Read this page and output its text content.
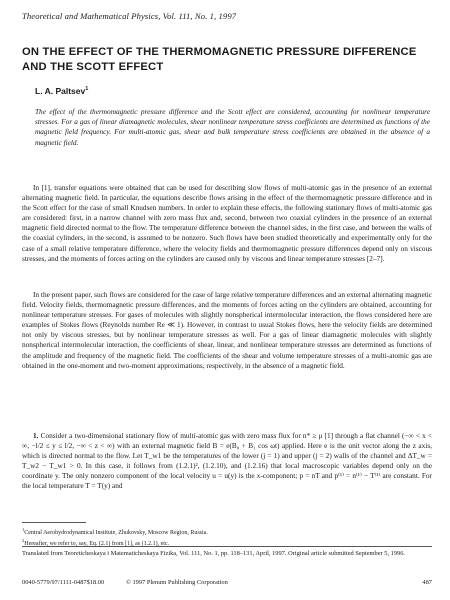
Theoretical and Mathematical Physics, Vol. 111, No. 1, 1997
ON THE EFFECT OF THE THERMOMAGNETIC PRESSURE DIFFERENCE AND THE SCOTT EFFECT
L. A. Paltsev$^1$
The effect of the thermomagnetic pressure difference and the Scott effect are considered, accounting for nonlinear temperature stresses. For a gas of linear diamagnetic molecules, shear nonlinear temperature stress coefficients are determined as functions of the magnetic field frequency. For multi-atomic gas, shear and bulk temperature stress coefficients are obtained in the absence of a magnetic field.
In [1], transfer equations were obtained that can be used for describing slow flows of multi-atomic gas in the presence of an external alternating magnetic field. In particular, the equations describe flows arising in the effect of the thermomagnetic pressure difference and in the Scott effect for the case of small Knudsen numbers. In order to explain these effects, the following stationary flows of multi-atomic gas are considered: first, in a narrow channel with zero mass flux and, second, between two coaxial cylinders in the presence of an external magnetic field directed normal to the flow. The temperature difference between the channel sides, in the first case, and between the walls of the coaxial cylinders, in the second, is assumed to be nonzero. Such flows have been studied theoretically and experimentally only for the case of a small relative temperature difference, where the velocity fields and thermomagnetic pressure differences depend only on viscous stresses, and the moments of forces acting on the cylinders are caused only by viscous and linear temperature stresses [2–7].
In the present paper, such flows are considered for the case of large relative temperature differences and an external alternating magnetic field. Velocity fields, thermomagnetic pressure differences, and the moments of forces acting on the cylinders are obtained, accounting for nonlinear temperature stresses. For gases of molecules with slightly nonspherical intermolecular interaction, the flows considered here are examples of Stokes flows (Reynolds number Re ≪ 1). However, in contrast to usual Stokes flows, here the velocity fields are determined not only by viscous stresses, but by nonlinear temperature stresses as well. For a gas of linear diamagnetic molecules with slightly nonspherical intermolecular interaction, the coefficients of shear, linear, and nonlinear temperature stresses are determined as functions of the amplitude and frequency of the magnetic field. The coefficients of the shear and volume temperature stresses of a multi-atomic gas are obtained in the one-moment and two-moment approximations, respectively, in the absence of a magnetic field.
1. Consider a two-dimensional stationary flow of multi-atomic gas with zero mass flux for n* ≥ μ [1] through a flat channel (−∞ < x < ∞, −l/2 ≤ y ≤ l/2, −∞ < z < ∞) with an external magnetic field B = e(B₀ + B₁ cos ωt) applied. Here e is the unit vector along the z axis, which is directed normal to the flow. Let T_w1 be the temperatures of the lower (j = 1) and upper (j = 2) walls of the channel and ΔT_w = T_w2 − T_w1 > 0. In this case, it follows from (1.2.1)², (1.2.10), and (1.2.16) that local macroscopic variables depend only on the coordinate y. The only nonzero component of the local velocity u = u(y) is the x-component; p = nT and p⁽¹⁾ = n⁽¹⁾ − T⁽¹⁾ are constant. For the local temperature T = T(y) and

$^1$Central Aerohydrodynamical Institute, Zhukovsky, Moscow Region, Russia.

$^2$Hereafter, we refer to, say, Eq. (2.1) from [1], as (1.2.1), etc.

Translated from Teoreticheskaya i Matematicheskaya Fizika, Vol. 111, No. 1, pp. 118–131, April, 1997. Original article submitted September 5, 1996.
0040-5779/97/1111-0487$18.00	© 1997 Plenum Publishing Corporation	487
